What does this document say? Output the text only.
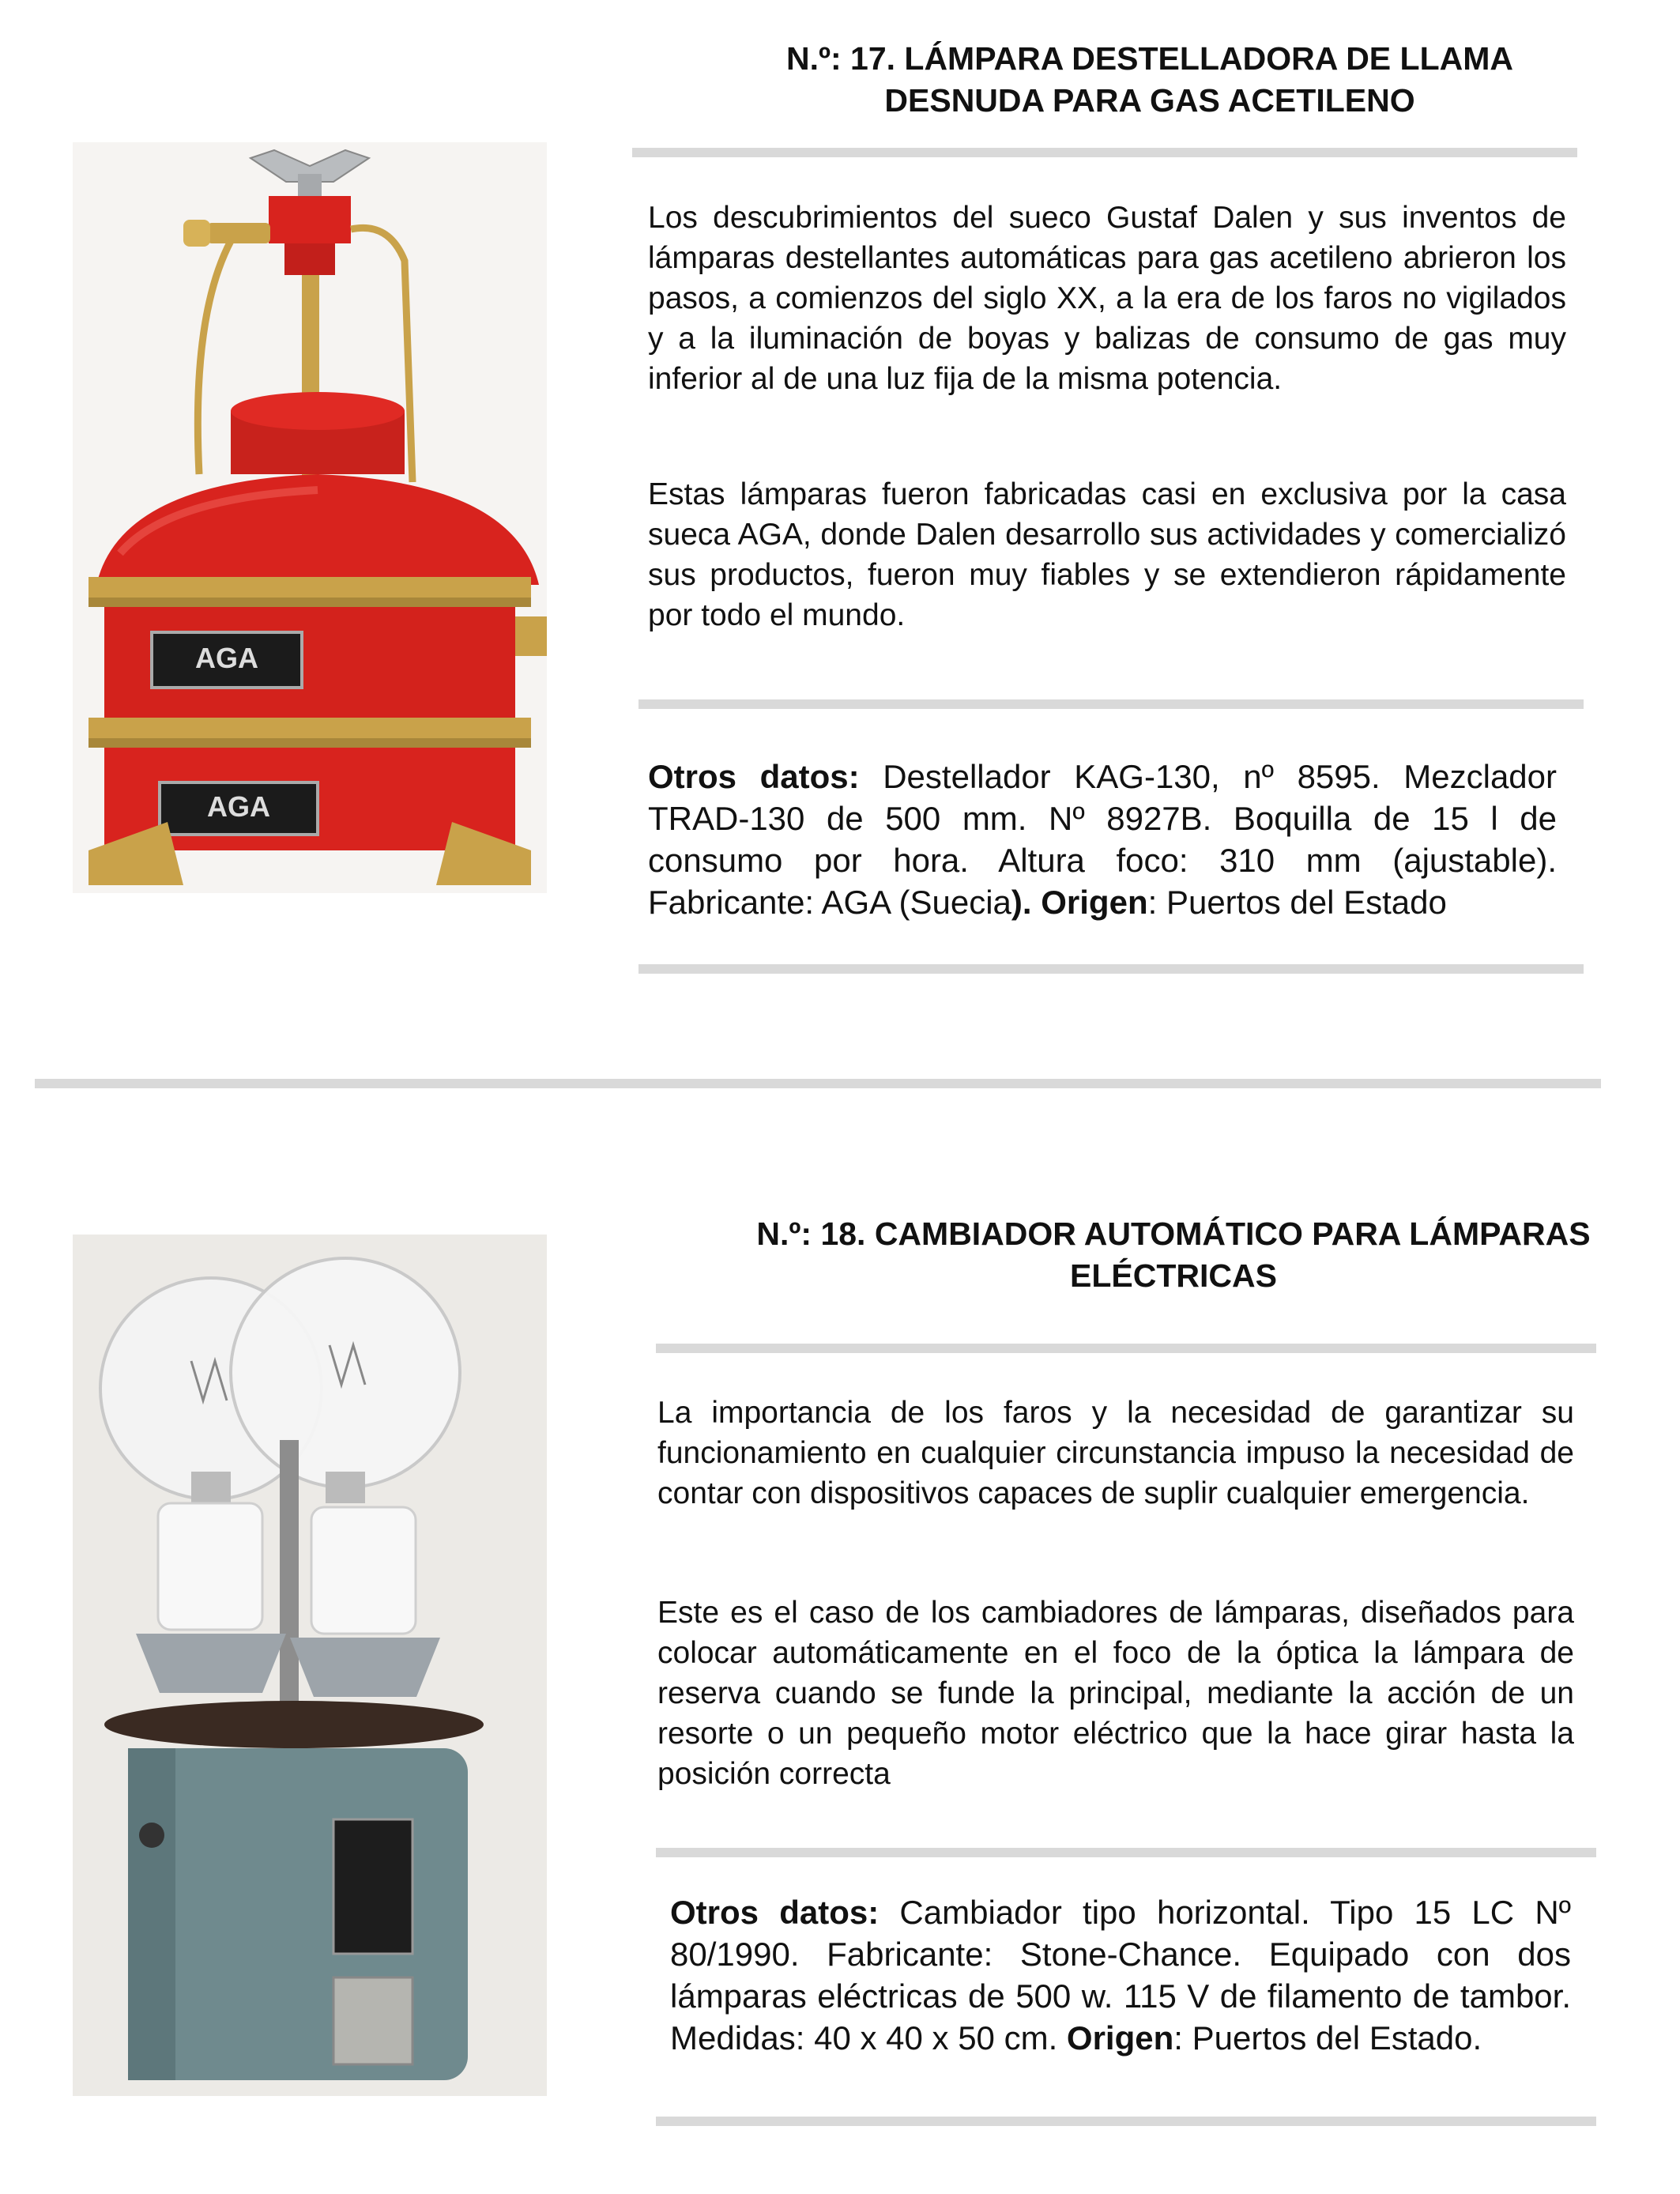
N.º: 17. LÁMPARA DESTELLADORA DE LLAMA
DESNUDA PARA GAS ACETILENO
AGA
AGA
Los descubrimientos del sueco Gustaf Dalen y sus inventos de lámparas destellantes automáticas para gas acetileno abrieron los pasos, a comienzos del siglo XX, a la era de los faros no vigilados y a la iluminación de boyas y balizas de consumo de gas muy inferior al de una luz fija de la misma potencia.
Estas lámparas fueron fabricadas casi en exclusiva por la casa sueca AGA, donde Dalen desarrollo sus actividades y comercializó sus productos, fueron muy fiables y se extendieron rápidamente por todo el mundo.
Otros datos: Destellador KAG-130, nº 8595. Mezclador TRAD-130 de 500 mm. Nº 8927B. Boquilla de 15 l de consumo por hora. Altura foco: 310 mm (ajustable). Fabricante: AGA (Suecia). Origen: Puertos del Estado
N.º: 18. CAMBIADOR AUTOMÁTICO PARA LÁMPARAS
ELÉCTRICAS
La importancia de los faros y la necesidad de garantizar su funcionamiento en cualquier circunstancia impuso la necesidad de contar con dispositivos capaces de suplir cualquier emergencia.
Este es el caso de los cambiadores de lámparas, diseñados para colocar automáticamente en el foco de la óptica la lámpara de reserva cuando se funde la principal, mediante la acción de un resorte o un pequeño motor eléctrico que la hace girar hasta la posición correcta
Otros datos: Cambiador tipo horizontal. Tipo 15 LC Nº 80/1990. Fabricante: Stone-Chance. Equipado con dos lámparas eléctricas de 500 w. 115 V de filamento de tambor. Medidas: 40 x 40 x 50 cm. Origen: Puertos del Estado.
